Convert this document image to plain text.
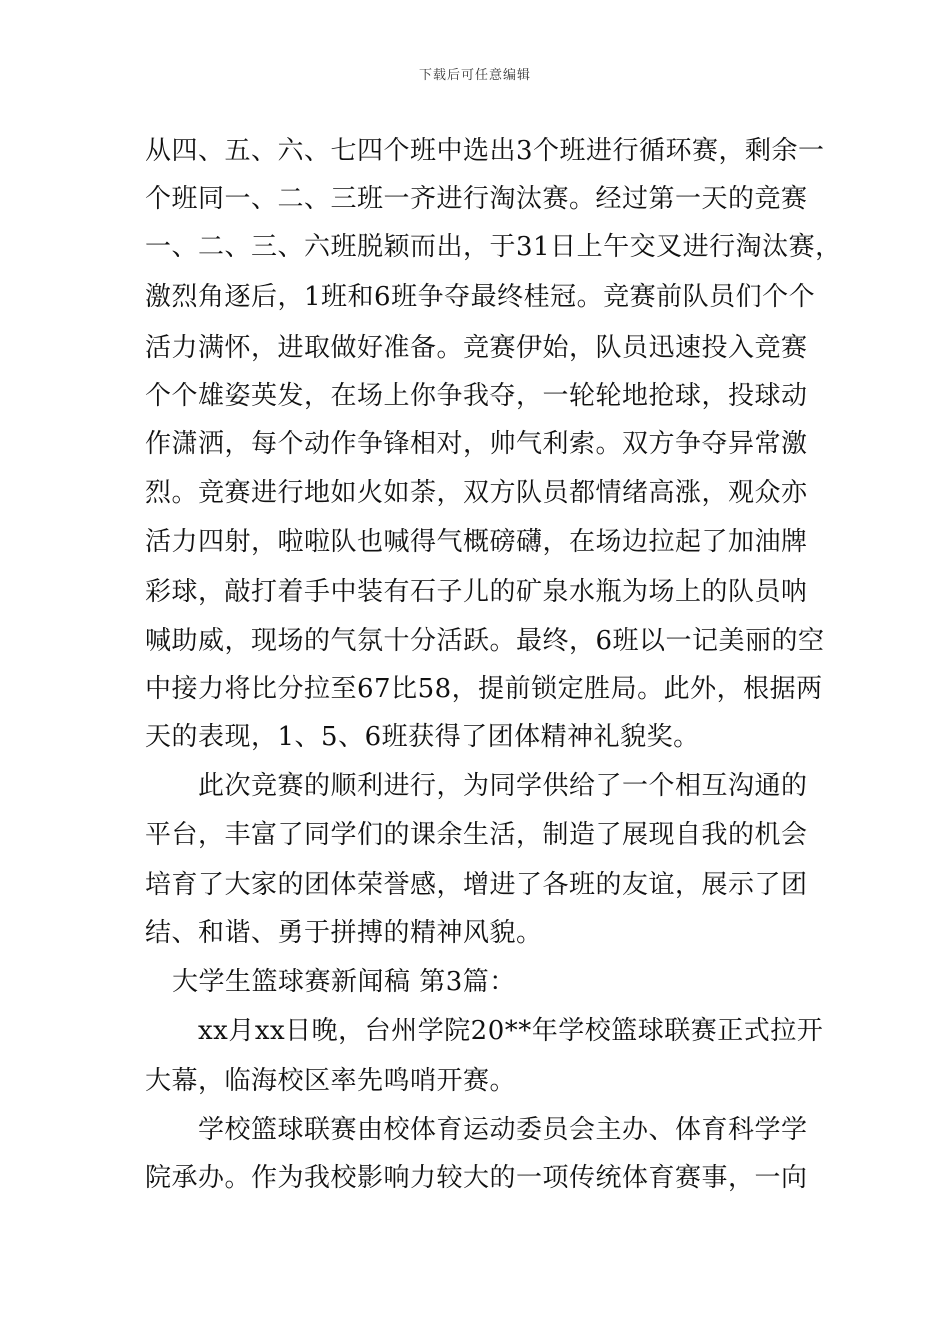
下载后可任意编辑
从四、五、六、七四个班中选出3个班进行循环赛，剩余一
个班同一、二、三班一齐进行淘汰赛。经过第一天的竞赛
一、二、三、六班脱颖而出，于31日上午交叉进行淘汰赛，
激烈角逐后，1班和6班争夺最终桂冠。竞赛前队员们个个
活力满怀，进取做好准备。竞赛伊始，队员迅速投入竞赛
个个雄姿英发，在场上你争我夺，一轮轮地抢球，投球动
作潇洒，每个动作争锋相对，帅气利索。双方争夺异常激
烈。竞赛进行地如火如荼，双方队员都情绪高涨，观众亦
活力四射，啦啦队也喊得气概磅礴，在场边拉起了加油牌
彩球，敲打着手中装有石子儿的矿泉水瓶为场上的队员呐
喊助威，现场的气氛十分活跃。最终，6班以一记美丽的空
中接力将比分拉至67比58，提前锁定胜局。此外，根据两
天的表现，1、5、6班获得了团体精神礼貌奖。
此次竞赛的顺利进行，为同学供给了一个相互沟通的
平台，丰富了同学们的课余生活，制造了展现自我的机会
培育了大家的团体荣誉感，增进了各班的友谊，展示了团
结、和谐、勇于拼搏的精神风貌。
大学生篮球赛新闻稿 第3篇：
xx月xx日晚，台州学院20**年学校篮球联赛正式拉开
大幕，临海校区率先鸣哨开赛。
学校篮球联赛由校体育运动委员会主办、体育科学学
院承办。作为我校影响力较大的一项传统体育赛事，一向
